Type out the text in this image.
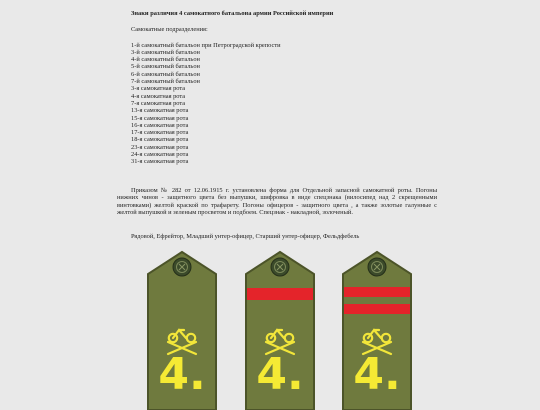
Знаки различия 4 самокатного батальона армии Российской империи

Самокатные подразделения:

1-й самокатный батальон при Петроградской крепости
3-й самокатный батальон
4-й самокатный батальон
5-й самокатный батальон
6-й самокатный батальон
7-й самокатный батальон
3-я самокатная рота
4-я самокатная рота
7-я самокатная рота
13-я самокатная рота
15-я самокатная рота
16-я самокатная рота
17-я самокатная рота
18-я самокатная рота
23-я самокатная рота
24-я самокатная рота
31-я самокатная рота
Приказом № 282 от 12.06.1915 г. установлена форма для Отдельной запасной самокатной роты. Погоны нижних чинов - защитного цвета без выпушки, шифровка в виде спецзнака (вилосипед над 2 скрещенными винтовками) желтой краской по трафарету. Погоны офицеров - защитного цвета , а также золотые галунные с желтой выпушкой и зеленым просветом и подбоем. Спецзнак - накладной, золоченый.
Рядовой, Ефрейтор, Младший унтер-офицер, Старший унтер-офицер, Фельдфебель
4. 4. 4.
